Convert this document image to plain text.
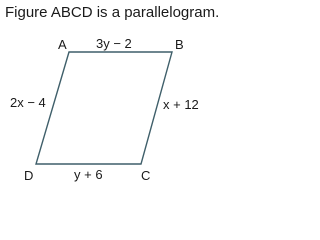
Figure ABCD is a parallelogram.
A	B
C
D
3y − 2
x + 12
y + 6
2x − 4
